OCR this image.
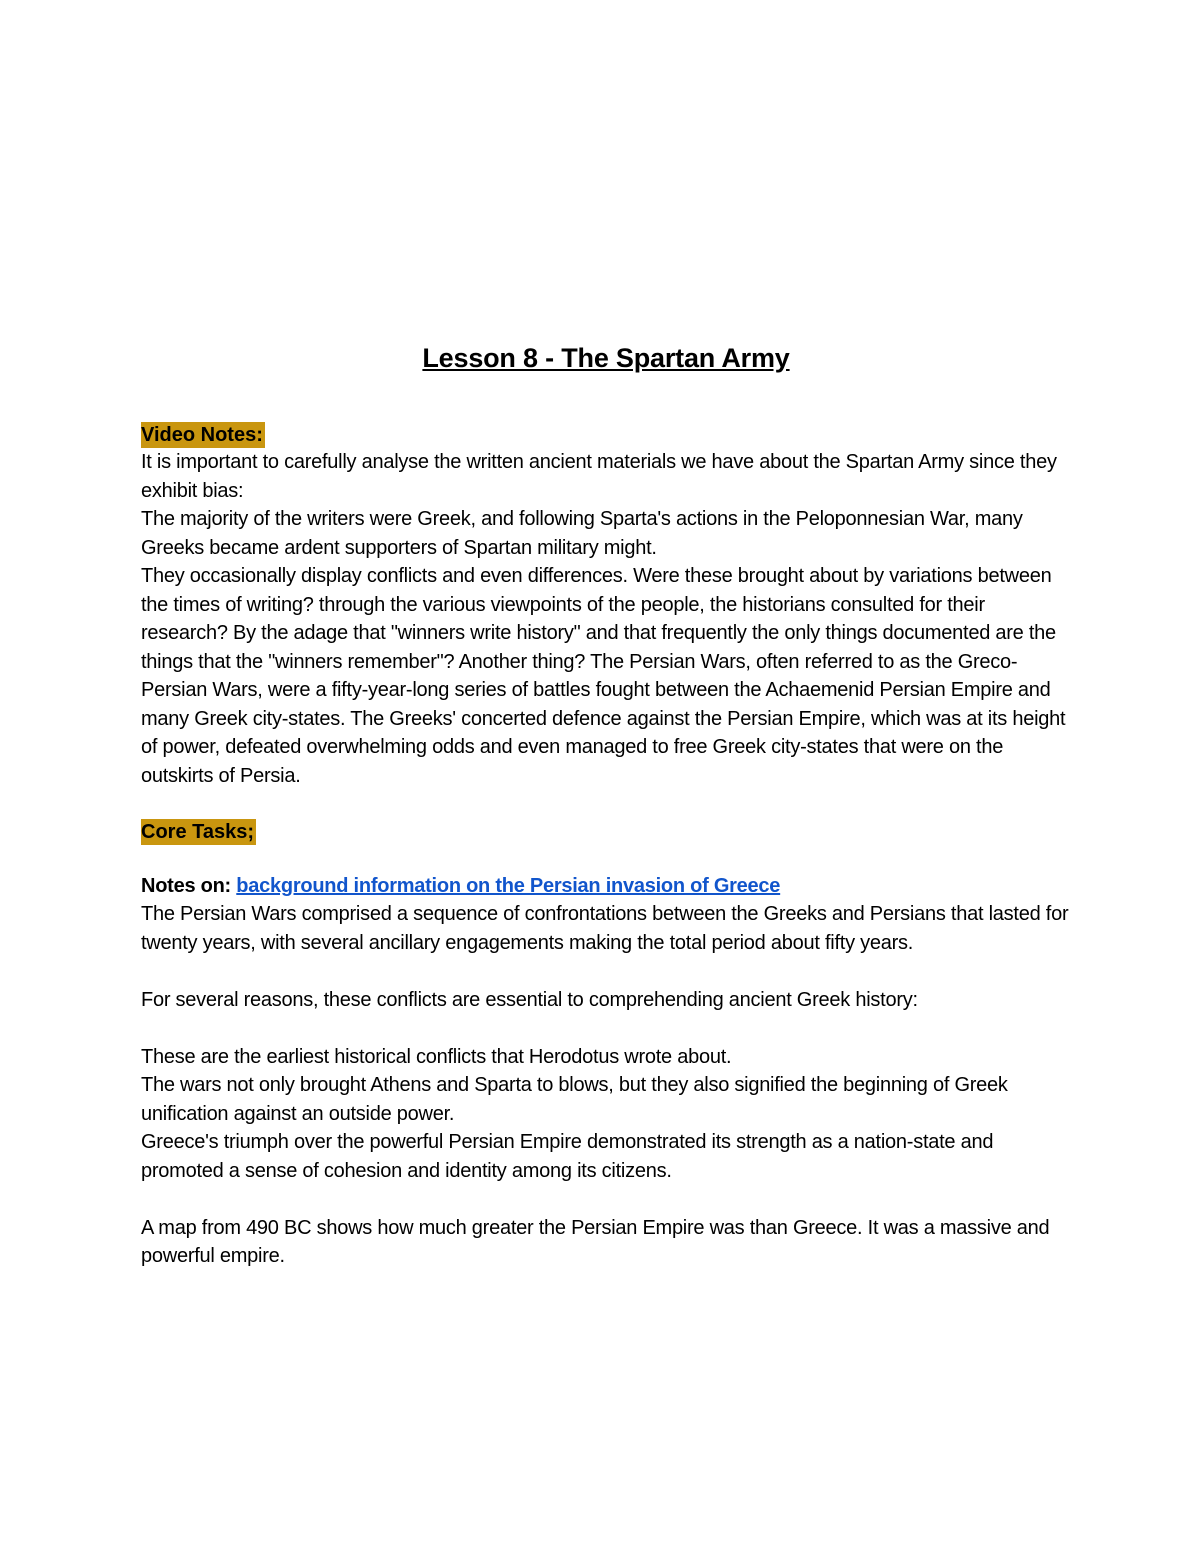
Lesson 8 - The Spartan Army
Video Notes:

It is important to carefully analyse the written ancient materials we have about the Spartan Army since they exhibit bias:

The majority of the writers were Greek, and following Sparta's actions in the Peloponnesian War, many Greeks became ardent supporters of Spartan military might.

They occasionally display conflicts and even differences. Were these brought about by variations between the times of writing? through the various viewpoints of the people, the historians consulted for their research? By the adage that "winners write history" and that frequently the only things documented are the things that the "winners remember"? Another thing? The Persian Wars, often referred to as the Greco-Persian Wars, were a fifty-year-long series of battles fought between the Achaemenid Persian Empire and many Greek city-states. The Greeks' concerted defence against the Persian Empire, which was at its height of power, defeated overwhelming odds and even managed to free Greek city-states that were on the outskirts of Persia.

Core Tasks;

Notes on: background information on the Persian invasion of Greece

The Persian Wars comprised a sequence of confrontations between the Greeks and Persians that lasted for twenty years, with several ancillary engagements making the total period about fifty years.

For several reasons, these conflicts are essential to comprehending ancient Greek history:

These are the earliest historical conflicts that Herodotus wrote about.

The wars not only brought Athens and Sparta to blows, but they also signified the beginning of Greek unification against an outside power.

Greece's triumph over the powerful Persian Empire demonstrated its strength as a nation-state and promoted a sense of cohesion and identity among its citizens.

A map from 490 BC shows how much greater the Persian Empire was than Greece. It was a massive and powerful empire.
